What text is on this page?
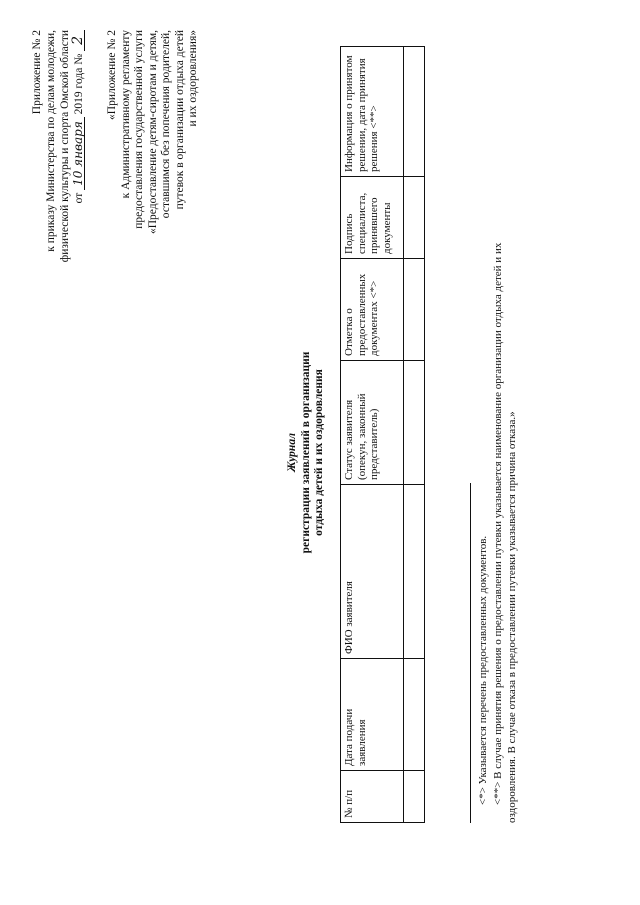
Приложение № 2 к приказу Министерства по делам молодежи, физической культуры и спорта Омской области от 10 января 2019 года № 2 «Приложение № 2 к Административному регламенту предоставления государственной услуги «Предоставление детям-сиротам и детям, оставшимся без попечения родителей, путевок в организации отдыха детей и их оздоровления»
Журнал регистрации заявлений в организации отдыха детей и их оздоровления
№ п/п	Дата подачи заявления	ФИО заявителя	Статус заявителя (опекун, законный представитель)	Отметка о предоставленных документах <*>	Подпись специалиста, принявшего документы	Информация о принятом решении, дата принятия решения <**>

<*> Указывается перечень предоставленных документов. <**> В случае принятия решения о предоставлении путевки указывается наименование организации отдыха детей и их оздоровления. В случае отказа в предоставлении путевки указывается причина отказа.»
